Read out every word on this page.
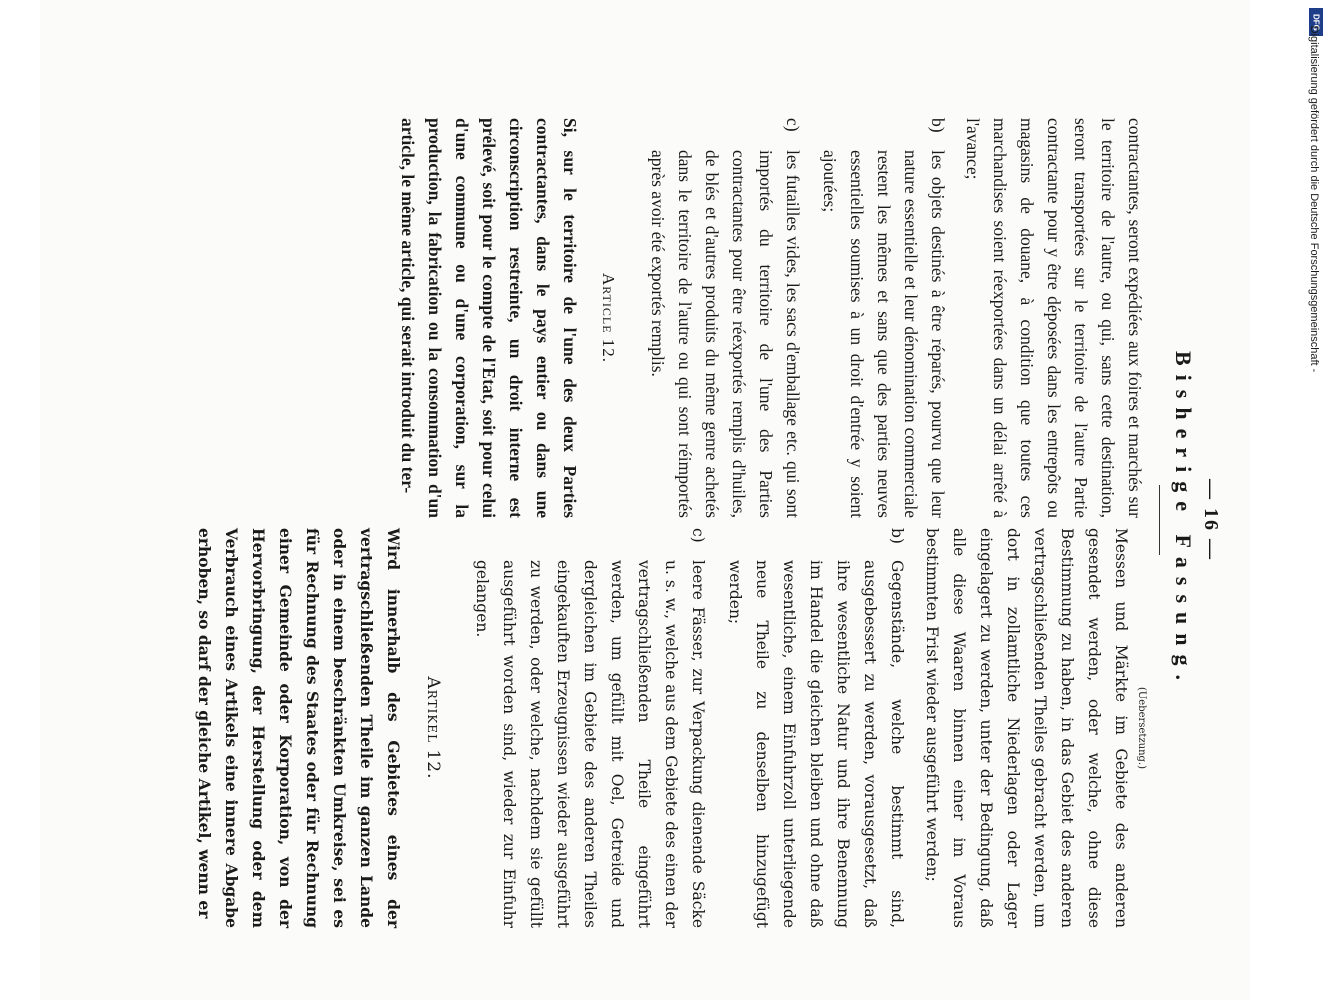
— 16 —
Bisherige Fassung.

contractantes, seront expédiées aux foires et marchés sur le territoire de l'autre, ou qui, sans cette destination, seront transportées sur le territoire de l'autre Partie contractante pour y être déposées dans les entrepôts ou magasins de douane, à condition que toutes ces marchandises soient réexportées dans un délai arrêté à l'avance;

b)
les objets destinés à être réparés, pourvu que leur nature essentielle et leur dénomination commerciale restent les mêmes et sans que des parties neuves essentielles soumises à un droit d'entrée y soient ajoutées;
c)
les futailles vides, les sacs d'emballage etc. qui sont importés du territoire de l'une des Parties contractantes pour être réexportés remplis d'huiles, de blés et d'autres produits du même genre achetés dans le territoire de l'autre ou qui sont réimportés après avoir été exportés remplis.
Article 12.

Si, sur le territoire de l'une des deux Parties contractantes, dans le pays entier ou dans une circonscription restreinte, un droit interne est prélevé, soit pour le compte de l'Etat, soit pour celui d'une commune ou d'une corporation, sur la production, la fabrication ou la consommation d'un article, le même article, qui serait introduit du ter-

(Uebersetzung.)

Messen und Märkte im Gebiete des anderen gesendet werden, oder welche, ohne diese Bestimmung zu haben, in das Gebiet des anderen vertragschließenden Theiles gebracht werden, um dort in zollamtliche Niederlagen oder Lager eingelagert zu werden, unter der Bedingung, daß alle diese Waaren binnen einer im Voraus bestimmten Frist wieder ausgeführt werden;

b)
Gegenstände, welche bestimmt sind, ausgebessert zu werden, vorausgesetzt, daß ihre wesentliche Natur und ihre Benennung im Handel die gleichen bleiben und ohne daß wesentliche, einem Einfuhrzoll unterliegende neue Theile zu denselben hinzugefügt werden;
c)
leere Fässer, zur Verpackung dienende Säcke u. s. w., welche aus dem Gebiete des einen der vertragschließenden Theile eingeführt werden, um gefüllt mit Oel, Getreide und dergleichen im Gebiete des anderen Theiles eingekauften Erzeugnissen wieder ausgeführt zu werden, oder welche, nachdem sie gefüllt ausgeführt worden sind, wieder zur Einfuhr gelangen.
Artikel 12.

Wird innerhalb des Gebietes eines der vertragschließenden Theile im ganzen Lande oder in einem beschränkten Umkreise, sei es für Rechnung des Staates oder für Rechnung einer Gemeinde oder Korporation, von der Hervorbringung, der Herstellung oder dem Verbrauch eines Artikels eine innere Abgabe erhoben, so darf der gleiche Artikel, wenn er

DFG
Digitalisierung gefördert durch die Deutsche Forschungsgemeinschaft -
